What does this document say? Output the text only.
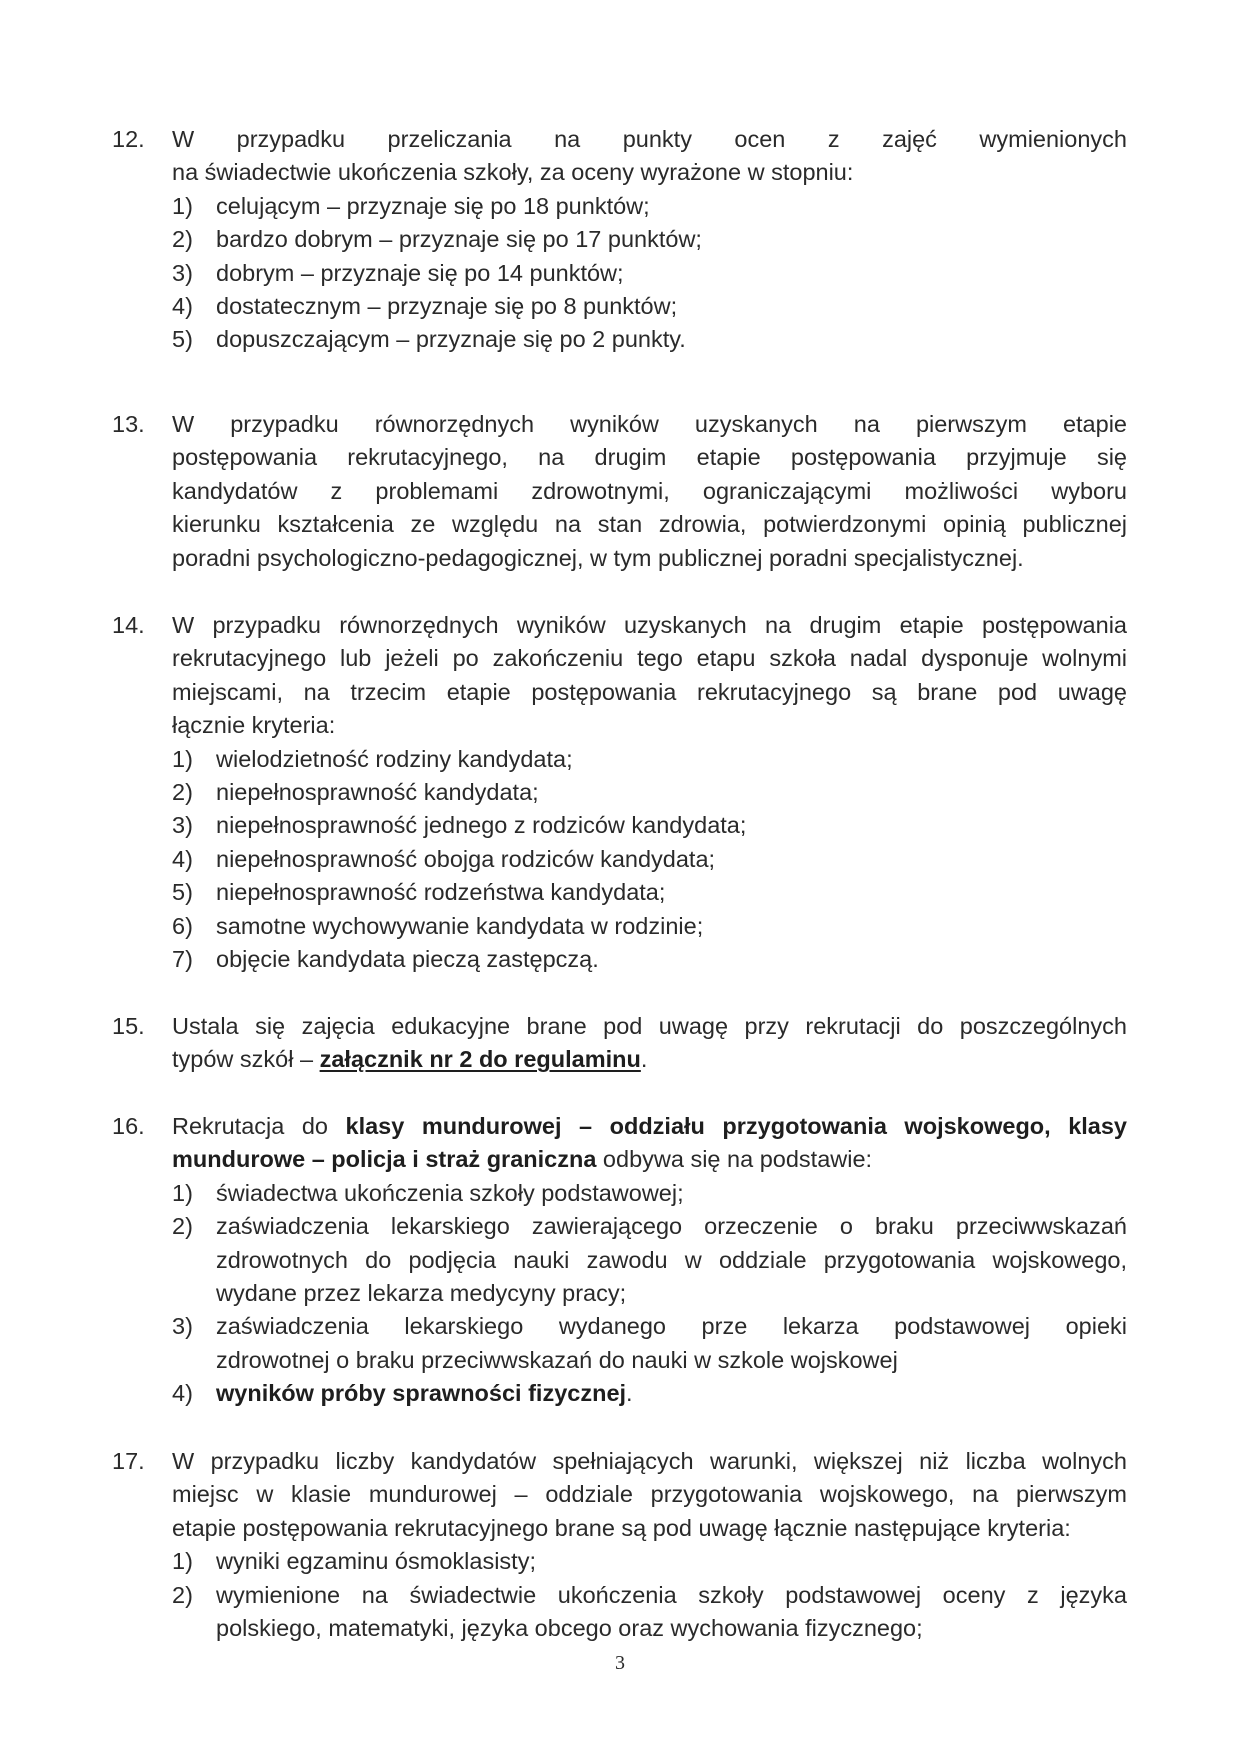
12. W przypadku przeliczania na punkty ocen z zajęć wymienionych
na świadectwie ukończenia szkoły, za oceny wyrażone w stopniu:
1) celującym – przyznaje się po 18 punktów;
2) bardzo dobrym – przyznaje się po 17 punktów;
3) dobrym – przyznaje się po 14 punktów;
4) dostatecznym – przyznaje się po 8 punktów;
5) dopuszczającym – przyznaje się po 2 punkty.
13. W przypadku równorzędnych wyników uzyskanych na pierwszym etapie
postępowania rekrutacyjnego, na drugim etapie postępowania przyjmuje się
kandydatów z problemami zdrowotnymi, ograniczającymi możliwości wyboru
kierunku kształcenia ze względu na stan zdrowia, potwierdzonymi opinią publicznej
poradni psychologiczno-pedagogicznej, w tym publicznej poradni specjalistycznej.
14. W przypadku równorzędnych wyników uzyskanych na drugim etapie postępowania
rekrutacyjnego lub jeżeli po zakończeniu tego etapu szkoła nadal dysponuje wolnymi
miejscami, na trzecim etapie postępowania rekrutacyjnego są brane pod uwagę
łącznie kryteria:
1) wielodzietność rodziny kandydata;
2) niepełnosprawność kandydata;
3) niepełnosprawność jednego z rodziców kandydata;
4) niepełnosprawność obojga rodziców kandydata;
5) niepełnosprawność rodzeństwa kandydata;
6) samotne wychowywanie kandydata w rodzinie;
7) objęcie kandydata pieczą zastępczą.
15. Ustala się zajęcia edukacyjne brane pod uwagę przy rekrutacji do poszczególnych
typów szkół – załącznik nr 2 do regulaminu.
16. Rekrutacja do klasy mundurowej – oddziału przygotowania wojskowego, klasy
mundurowe – policja i straż graniczna odbywa się na podstawie:
1) świadectwa ukończenia szkoły podstawowej;
2) zaświadczenia lekarskiego zawierającego orzeczenie o braku przeciwwskazań
zdrowotnych do podjęcia nauki zawodu w oddziale przygotowania wojskowego,
wydane przez lekarza medycyny pracy;
3) zaświadczenia lekarskiego wydanego prze lekarza podstawowej opieki
zdrowotnej o braku przeciwwskazań do nauki w szkole wojskowej
4) wyników próby sprawności fizycznej.
17. W przypadku liczby kandydatów spełniających warunki, większej niż liczba wolnych
miejsc w klasie mundurowej – oddziale przygotowania wojskowego, na pierwszym
etapie postępowania rekrutacyjnego brane są pod uwagę łącznie następujące kryteria:
1) wyniki egzaminu ósmoklasisty;
2) wymienione na świadectwie ukończenia szkoły podstawowej oceny z języka
polskiego, matematyki, języka obcego oraz wychowania fizycznego;
3
